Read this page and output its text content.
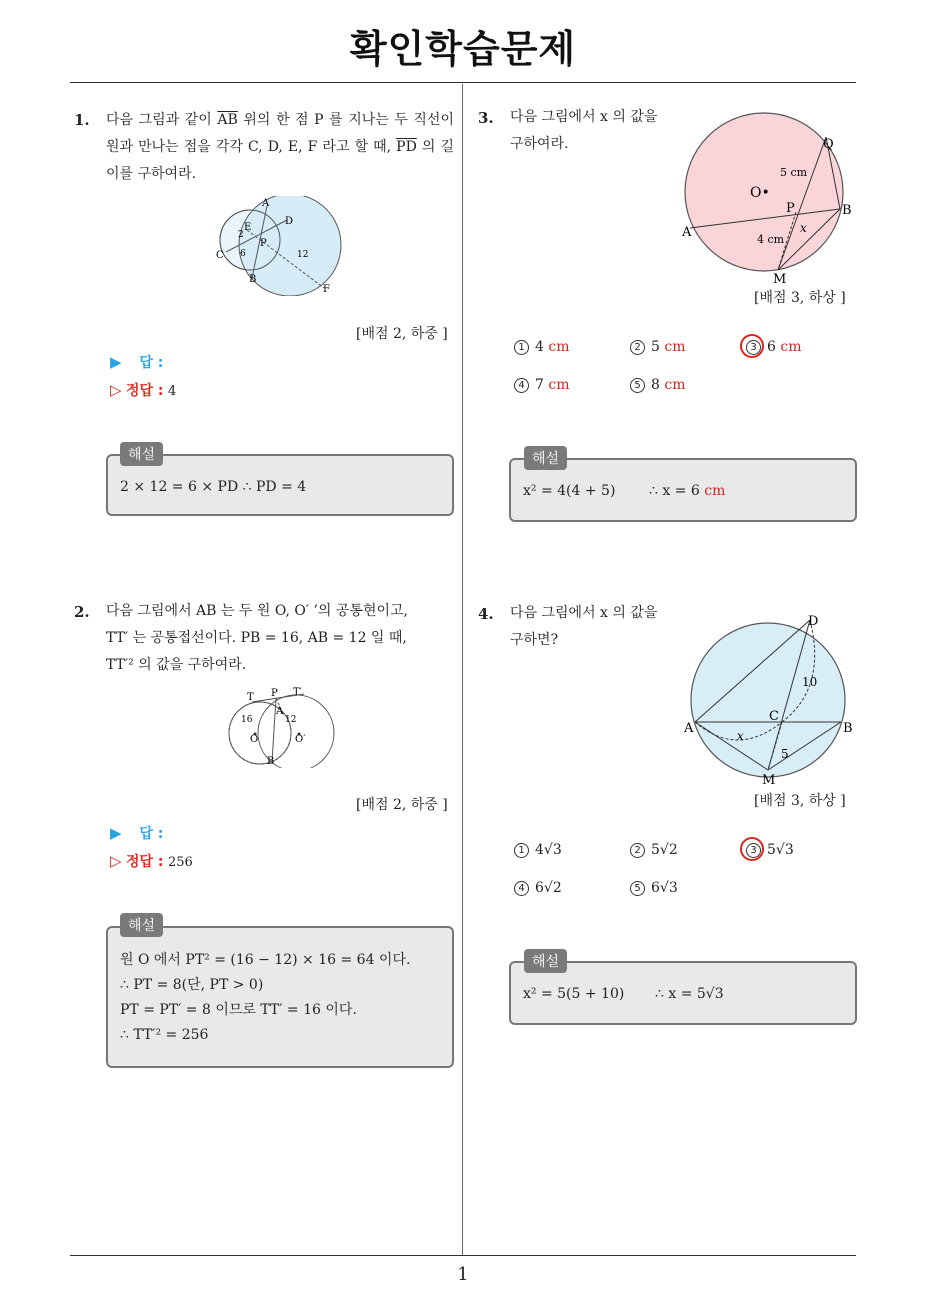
확인학습문제
1. 다음 그림과 같이 $\overline{AB}$ 위의 한 점 P 를 지나는 두 직선이 원과 만나는 점을 각각 C, D, E, F 라고 할 때, $\overline{PD}$ 의 길이를 구하여라.
A
D
E
P
C
B
F
2
6	12
[배점 2, 하중 ]
▶ 답 :
▷ 정답 : 4
2 × 12 = 6 × PD ∴ PD = 4
해설
2. 다음 그림에서 AB 는 두 원 O, O′ ’의 공통현이고,
TT′ 는 공통접선이다. PB = 16, AB = 12 일 때,
TT′² 의 값을 구하여라.
T P T′
A
O	O′
B
16	12
[배점 2, 하중 ]
▶ 답 :
▷ 정답 : 256
원 O 에서 PT² = (16 − 12) × 16 = 64 이다.
∴ PT = 8(단, PT > 0)
PT = PT′ = 8 이므로 TT′ = 16 이다.
∴ TT′² = 256
해설
3. 다음 그림에서 x 의 값을
구하여라.	Q
O•
P	B
A
M
5 cm
4 cm
x
[배점 3, 하상 ]
1 4 cm	2 5 cm	3 6 cm
4 7 cm	5 8 cm
x² = 4(4 + 5) ∴ x = 6 cm
해설
4. 다음 그림에서 x 의 값을
구하면?
D
10
C
A	B
x
5
M
[배점 3, 하상 ]
1 4√3	2 5√2	3 5√3
4 6√2	5 6√3
x² = 5(5 + 10) ∴ x = 5√3
해설
1
